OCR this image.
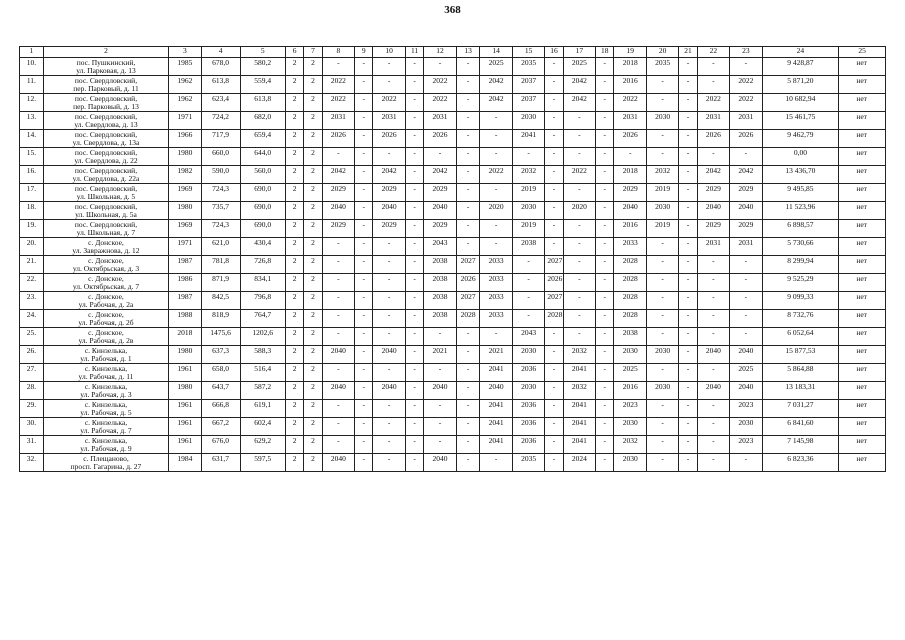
368
1	2	3	4	5	6	7	8	9	10	11	12	13	14	15	16	17	18	19	20	21	22	23	24	25
10.	пос. Пушкинский,
ул. Парковая, д. 13	1985	678,0	580,2	2	2	-	-	-	-	-	-	2025	2035	-	2025	-	2018	2035	-	-	-	9 428,87	нет
11.	пос. Свердловский,
пер. Парковый, д. 11	1962	613,8	559,4	2	2	2022	-	-	-	2022	-	2042	2037	-	2042	-	2016	-	-	-	2022	5 871,20	нет
12.	пос. Свердловский,
пер. Парковый, д. 13	1962	623,4	613,8	2	2	2022	-	2022	-	2022	-	2042	2037	-	2042	-	2022	-	-	2022	2022	10 682,94	нет
13.	пос. Свердловский,
ул. Свердлова, д. 13	1971	724,2	682,0	2	2	2031	-	2031	-	2031	-	-	2030	-	-	-	2031	2030	-	2031	2031	15 461,75	нет
14.	пос. Свердловский,
ул. Свердлова, д. 13а	1966	717,9	659,4	2	2	2026	-	2026	-	2026	-	-	2041	-	-	-	2026	-	-	2026	2026	9 462,79	нет
15.	пос. Свердловский,
ул. Свердлова, д. 22	1980	660,0	644,0	2	2	-	-	-	-	-	-	-	-	-	-	-	-	-	-	-	-	0,00	нет
16.	пос. Свердловский,
ул. Свердлова, д. 22а	1982	590,0	560,0	2	2	2042	-	2042	-	2042	-	2022	2032	-	2022	-	2018	2032	-	2042	2042	13 436,70	нет
17.	пос. Свердловский,
ул. Школьная, д. 5	1969	724,3	690,0	2	2	2029	-	2029	-	2029	-	-	2019	-	-	-	2029	2019	-	2029	2029	9 495,85	нет
18.	пос. Свердловский,
ул. Школьная, д. 5а	1980	735,7	690,0	2	2	2040	-	2040	-	2040	-	2020	2030	-	2020	-	2040	2030	-	2040	2040	11 523,96	нет
19.	пос. Свердловский,
ул. Школьная, д. 7	1969	724,3	690,0	2	2	2029	-	2029	-	2029	-	-	2019	-	-	-	2016	2019	-	2029	2029	6 898,57	нет
20.	с. Донское,
ул. Завражнова, д. 12	1971	621,0	430,4	2	2	-	-	-	-	2043	-	-	2038	-	-	-	2033	-	-	2031	2031	5 730,66	нет
21.	с. Донское,
ул. Октябрьская, д. 3	1987	781,8	726,8	2	2	-	-	-	-	2038	2027	2033	-	2027	-	-	2028	-	-	-	-	8 299,94	нет
22.	с. Донское,
ул. Октябрьская, д. 7	1986	871,9	834,1	2	2	-	-	-	-	2038	2026	2033	-	2026	-	-	2028	-	-	-	-	9 525,29	нет
23.	с. Донское,
ул. Рабочая, д. 2а	1987	842,5	796,8	2	2	-	-	-	-	2038	2027	2033	-	2027	-	-	2028	-	-	-	-	9 099,33	нет
24.	с. Донское,
ул. Рабочая, д. 2б	1988	818,9	764,7	2	2	-	-	-	-	2038	2028	2033	-	2028	-	-	2028	-	-	-	-	8 732,76	нет
25.	с. Донское,
ул. Рабочая, д. 2в	2018	1475,6	1202,6	2	2	-	-	-	-	-	-	-	2043	-	-	-	2038	-	-	-	-	6 052,64	нет
26.	с. Кинзелька,
ул. Рабочая, д. 1	1980	637,3	588,3	2	2	2040	-	2040	-	2021	-	2021	2030	-	2032	-	2030	2030	-	2040	2040	15 877,53	нет
27.	с. Кинзелька,
ул. Рабочая, д. 11	1961	658,0	516,4	2	2	-	-	-	-	-	-	2041	2036	-	2041	-	2025	-	-	-	2025	5 864,88	нет
28.	с. Кинзелька,
ул. Рабочая, д. 3	1980	643,7	587,2	2	2	2040	-	2040	-	2040	-	2040	2030	-	2032	-	2016	2030	-	2040	2040	13 183,31	нет
29.	с. Кинзелька,
ул. Рабочая, д. 5	1961	666,8	619,1	2	2	-	-	-	-	-	-	2041	2036	-	2041	-	2023	-	-	-	2023	7 031,27	нет
30.	с. Кинзелька,
ул. Рабочая, д. 7	1961	667,2	602,4	2	2	-	-	-	-	-	-	2041	2036	-	2041	-	2030	-	-	-	2030	6 841,60	нет
31.	с. Кинзелька,
ул. Рабочая, д. 9	1961	676,0	629,2	2	2	-	-	-	-	-	-	2041	2036	-	2041	-	2032	-	-	-	2023	7 145,98	нет
32.	с. Плещаново,
просп. Гагарина, д. 27	1984	631,7	597,5	2	2	2040	-	-	-	2040	-	-	2035	-	2024	-	2030	-	-	-	-	6 823,36	нет
